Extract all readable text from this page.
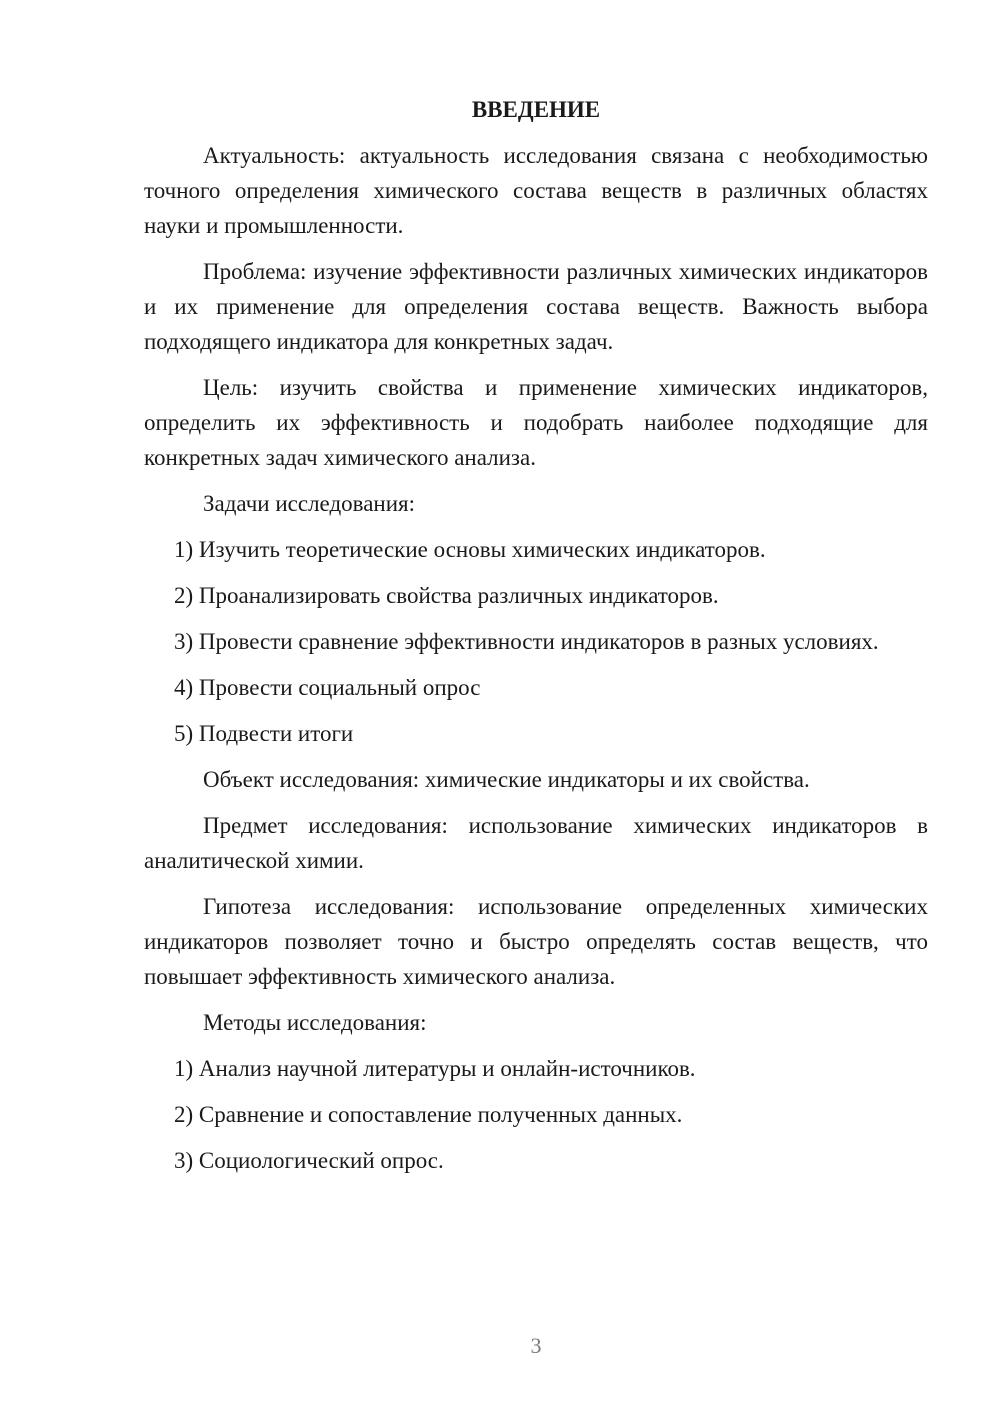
ВВЕДЕНИЕ

Актуальность: актуальность исследования связана с необходимостью точного определения химического состава веществ в различных областях науки и промышленности.

Проблема: изучение эффективности различных химических индикаторов и их применение для определения состава веществ. Важность выбора подходящего индикатора для конкретных задач.

Цель: изучить свойства и применение химических индикаторов, определить их эффективность и подобрать наиболее подходящие для конкретных задач химического анализа.

Задачи исследования:

1) Изучить теоретические основы химических индикаторов.

2) Проанализировать свойства различных индикаторов.

3) Провести сравнение эффективности индикаторов в разных условиях.

4) Провести социальный опрос

5) Подвести итоги

Объект исследования: химические индикаторы и их свойства.

Предмет исследования: использование химических индикаторов в аналитической химии.

Гипотеза исследования: использование определенных химических индикаторов позволяет точно и быстро определять состав веществ, что повышает эффективность химического анализа.

Методы исследования:

1) Анализ научной литературы и онлайн-источников.

2) Сравнение и сопоставление полученных данных.

3) Социологический опрос.

3
